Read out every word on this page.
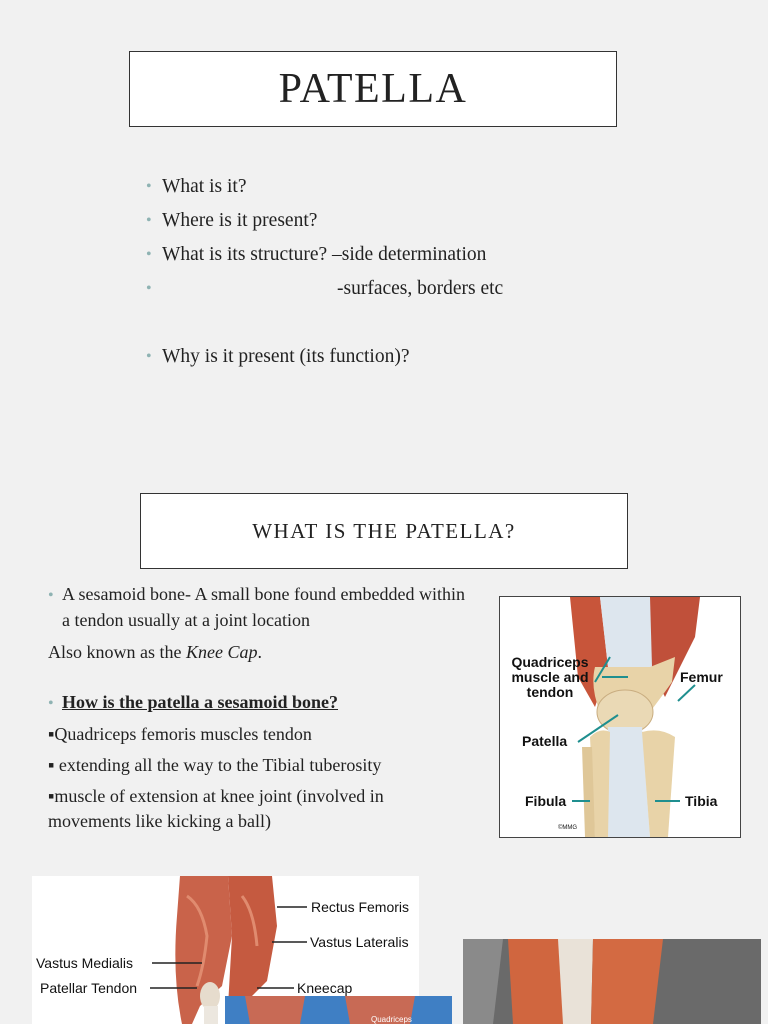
PATELLA
• What is it?
• Where is it present?
• What is its structure? –side determination
•	-surfaces, borders etc
• Why is it present (its function)?
WHAT IS THE PATELLA?

• A sesamoid bone- A small bone found embedded within

a tendon usually at a joint location

Also known as the Knee Cap.

• How is the patella a sesamoid bone?

▪Quadriceps femoris muscles tendon

▪ extending all the way to the Tibial tuberosity

▪muscle of extension at knee joint (involved in

movements like kicking a ball)

Quadriceps muscle and tendon
Femur
Patella
Fibula	Tibia
©MMG
Rectus Femoris
Vastus Lateralis
Vastus Medialis
Kneecap
Patellar Tendon
Quadriceps
